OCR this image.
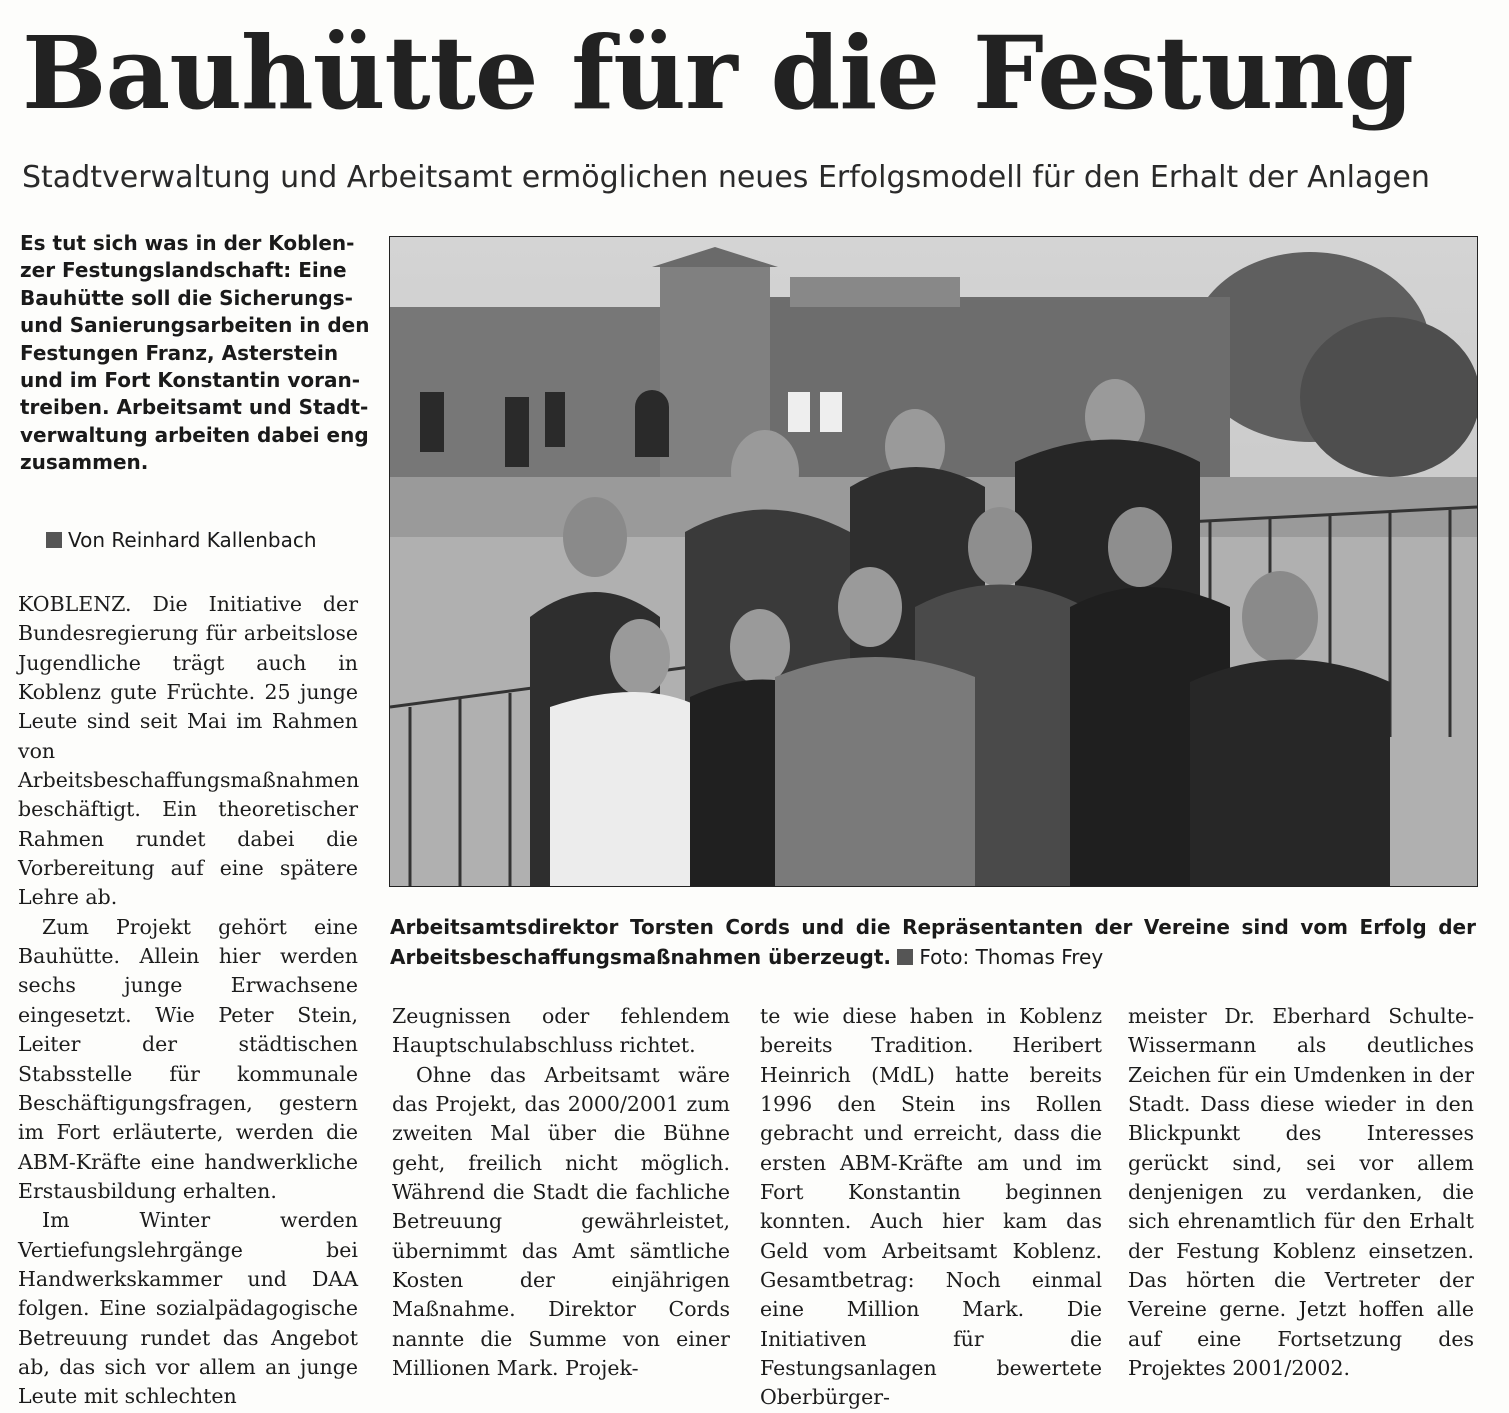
Bauhütte für die Festung
Stadtverwaltung und Arbeitsamt ermöglichen neues Erfolgsmodell für den Erhalt der Anlagen
Es tut sich was in der Koblen-
zer Festungslandschaft: Eine
Bauhütte soll die Sicherungs-
und Sanierungsarbeiten in den
Festungen Franz, Asterstein
und im Fort Konstantin voran-
treiben. Arbeitsamt und Stadt-
verwaltung arbeiten dabei eng
zusammen.
Von Reinhard Kallenbach

KOBLENZ. Die Initiative der Bundesregierung für arbeitslose Jugendliche trägt auch in Koblenz gute Früchte. 25 junge Leute sind seit Mai im Rahmen von Arbeitsbeschaffungsmaßnahmen beschäftigt. Ein theoretischer Rahmen rundet dabei die Vorbereitung auf eine spätere Lehre ab.

Zum Projekt gehört eine Bauhütte. Allein hier werden sechs junge Erwachsene eingesetzt. Wie Peter Stein, Leiter der städtischen Stabsstelle für kommunale Beschäftigungsfragen, gestern im Fort erläuterte, werden die ABM-Kräfte eine handwerkliche Erstausbildung erhalten.

Im Winter werden Vertiefungslehrgänge bei Handwerkskammer und DAA folgen. Eine sozialpädagogische Betreuung rundet das Angebot ab, das sich vor allem an junge Leute mit schlechten

Arbeitsamtsdirektor Torsten Cords und die Repräsentanten der Vereine sind vom Erfolg der Arbeitsbeschaffungsmaßnahmen überzeugt. Foto: Thomas Frey

Zeugnissen oder fehlendem Hauptschulabschluss richtet.

Ohne das Arbeitsamt wäre das Projekt, das 2000/2001 zum zweiten Mal über die Bühne geht, freilich nicht möglich. Während die Stadt die fachliche Betreuung gewährleistet, übernimmt das Amt sämtliche Kosten der einjährigen Maßnahme. Direktor Cords nannte die Summe von einer Millionen Mark. Projek-

te wie diese haben in Koblenz bereits Tradition. Heribert Heinrich (MdL) hatte bereits 1996 den Stein ins Rollen gebracht und erreicht, dass die ersten ABM-Kräfte am und im Fort Konstantin beginnen konnten. Auch hier kam das Geld vom Arbeitsamt Koblenz. Gesamtbetrag: Noch einmal eine Million Mark. Die Initiativen für die Festungsanlagen bewertete Oberbürger-

meister Dr. Eberhard Schulte-Wissermann als deutliches Zeichen für ein Umdenken in der Stadt. Dass diese wieder in den Blickpunkt des Interesses gerückt sind, sei vor allem denjenigen zu verdanken, die sich ehrenamtlich für den Erhalt der Festung Koblenz einsetzen. Das hörten die Vertreter der Vereine gerne. Jetzt hoffen alle auf eine Fortsetzung des Projektes 2001/2002.
